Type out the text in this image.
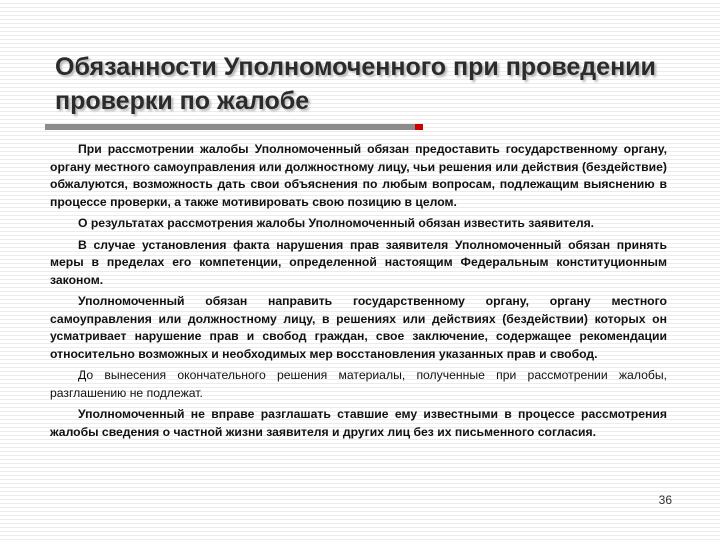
Обязанности Уполномоченного при проведении проверки по жалобе

При рассмотрении жалобы Уполномоченный обязан предоставить государственному органу, органу местного самоуправления или должностному лицу, чьи решения или действия (бездействие) обжалуются, возможность дать свои объяснения по любым вопросам, подлежащим выяснению в процессе проверки, а также мотивировать свою позицию в целом.

О результатах рассмотрения жалобы Уполномоченный обязан известить заявителя.

В случае установления факта нарушения прав заявителя Уполномоченный обязан принять меры в пределах его компетенции, определенной настоящим Федеральным конституционным законом.

Уполномоченный обязан направить государственному органу, органу местного самоуправления или должностному лицу, в решениях или действиях (бездействии) которых он усматривает нарушение прав и свобод граждан, свое заключение, содержащее рекомендации относительно возможных и необходимых мер восстановления указанных прав и свобод.

До вынесения окончательного решения материалы, полученные при рассмотрении жалобы, разглашению не подлежат.

Уполномоченный не вправе разглашать ставшие ему известными в процессе рассмотрения жалобы сведения о частной жизни заявителя и других лиц без их письменного согласия.

36
